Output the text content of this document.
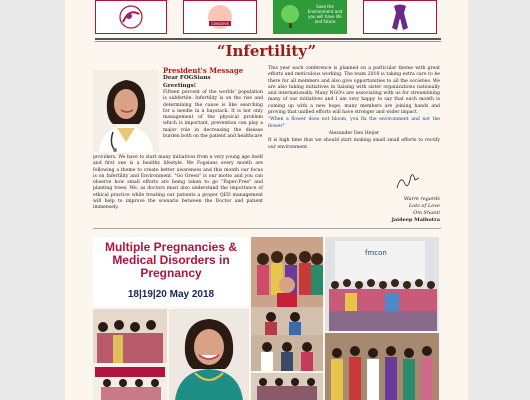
CONCEIVE
Save the Environment and you will have life and future
“Infertility”
President's Message
Dear FOGSians
Greetings!

Fifteen percent of the worlds' population is subfertile. Infertility is on the rise and determining the cause is like searching for a needle in a haystack. It is not only management of the physical problem which is important, prevention can play a major role in decreasing the disease burden both on the patient and healthcare

providers. We have to start many initiatives from a very young age itself and first one is a healthy lifestyle. We Fogsians every month are following a theme to create better awareness and this month our focus is on Infertility and Environment. "Go Green" is our motto and you can observe how small efforts are being taken to go "Paper-Free" and planting trees. We, as doctors must also understand the importance of ethical practice while treating our patients a proper QED management will help to improve the scenario between the Doctor and patient immensely.

This year each conference is planned on a particular theme with great efforts and meticulous working. The team 2018 is taking extra care to be there for all members and also give opportunities to all the societies. We are also taking initiatives in liaising with sister organizations nationally and internationally. Many NGO's are associating with us for streamlining many of our initiatives and I am very happy to say that each month is coming up with a new hope, many members are joining hands and proving that unified efforts will have stronger and wider impact.

"When a flower does not bloom, you fix the environment and not the flower"

Alexander Den Heijer

It is high time that we should start making small small efforts to rectify our environment.

Warm regards
Lots of Love
Om Shanti
Jaideep Malhotra
Multiple Pregnancies & Medical Disorders in Pregnancy
18|19|20 May 2018
fmcon
